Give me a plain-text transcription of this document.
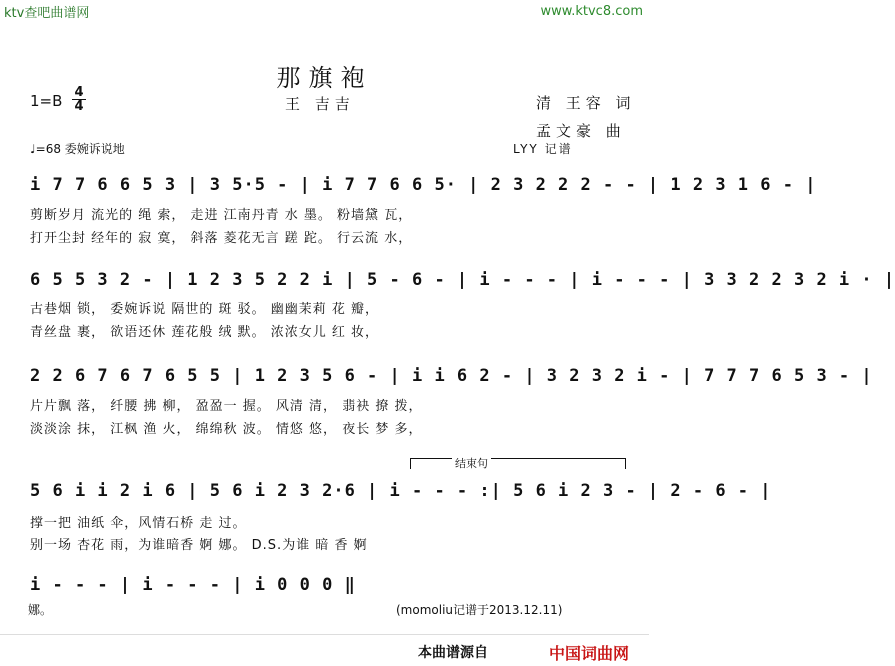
ktv查吧曲谱网	www.ktvc8.com
那旗袍
1=B 4
4	王 吉吉	清 王容 词
孟文豪 曲
♩=68 委婉诉说地	LYY 记谱
i 7 7 6 6 5 3 | 3 5·5 - | i 7 7 6 6 5· | 2 3 2 2 2 - - | 1 2 3 1 6 - |
剪断岁月 流光的 绳 索， 走进 江南丹青 水 墨。 粉墙黛 瓦，
打开尘封 经年的 寂 寞， 斜落 菱花无言 蹉 跎。 行云流 水，
6 5 5 3 2 - | 1 2 3 5 2 2 i | 5 - 6 - | i - - - | i - - - | 3 3 2 2 3 2 i · |
古巷烟 锁， 委婉诉说 隔世的 斑 驳。 幽幽茉莉 花 瓣，
青丝盘 裹， 欲语还休 莲花般 绒 默。 浓浓女儿 红 妆，
2 2 6 7 6 7 6 5 5 | 1 2 3 5 6 - | i i 6 2 - | 3 2 3 2 i - | 7 7 7 6 5 3 - |
片片飘 落， 纤腰 拂 柳， 盈盈一 握。 风清 清， 翡袂 撩 拨，
淡淡涂 抹， 江枫 渔 火， 绵绵秋 波。 情悠 悠， 夜长 梦 多，
结束句
5 6 i i 2 i 6 | 5 6 i 2 3 2·6 | i - - - :| 5 6 i 2 3 - | 2 - 6 - |
撑一把 油纸 伞，风情石桥 走 过。
别一场 杏花 雨，为谁暗香 婀 娜。 D.S.为谁 暗 香 婀
i - - - | i - - - | i 0 0 0 ‖
娜。	(momoliu记谱于2013.12.11)
本曲谱源自	中国词曲网
